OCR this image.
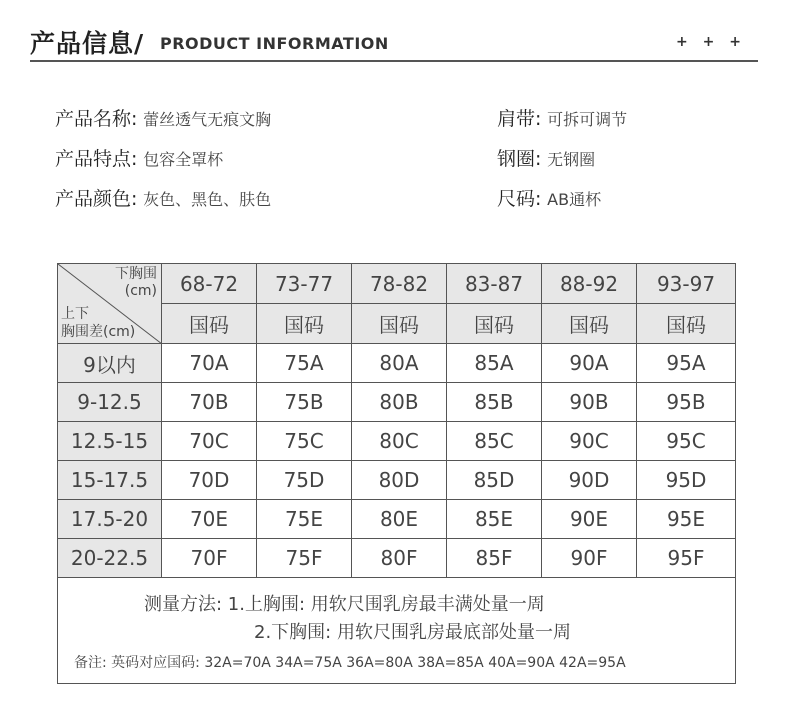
产品信息/ PRODUCT INFORMATION	+ + +
产品名称: 蕾丝透气无痕文胸
产品特点: 包容全罩杯
产品颜色: 灰色、黑色、肤色
肩带: 可拆可调节
钢圈: 无钢圈
尺码: AB通杯
下胸围
(cm)
上下
胸围差(cm)	68-72	73-77	78-82	83-87	88-92	93-97
	国码	国码	国码	国码	国码	国码
9以内	70A	75A	80A	85A	90A	95A
9-12.5	70B	75B	80B	85B	90B	95B
12.5-15	70C	75C	80C	85C	90C	95C
15-17.5	70D	75D	80D	85D	90D	95D
17.5-20	70E	75E	80E	85E	90E	95E
20-22.5	70F	75F	80F	85F	90F	95F

测量方法: 1.上胸围: 用软尺围乳房最丰满处量一周
2.下胸围: 用软尺围乳房最底部处量一周
备注: 英码对应国码: 32A=70A 34A=75A 36A=80A 38A=85A 40A=90A 42A=95A						
